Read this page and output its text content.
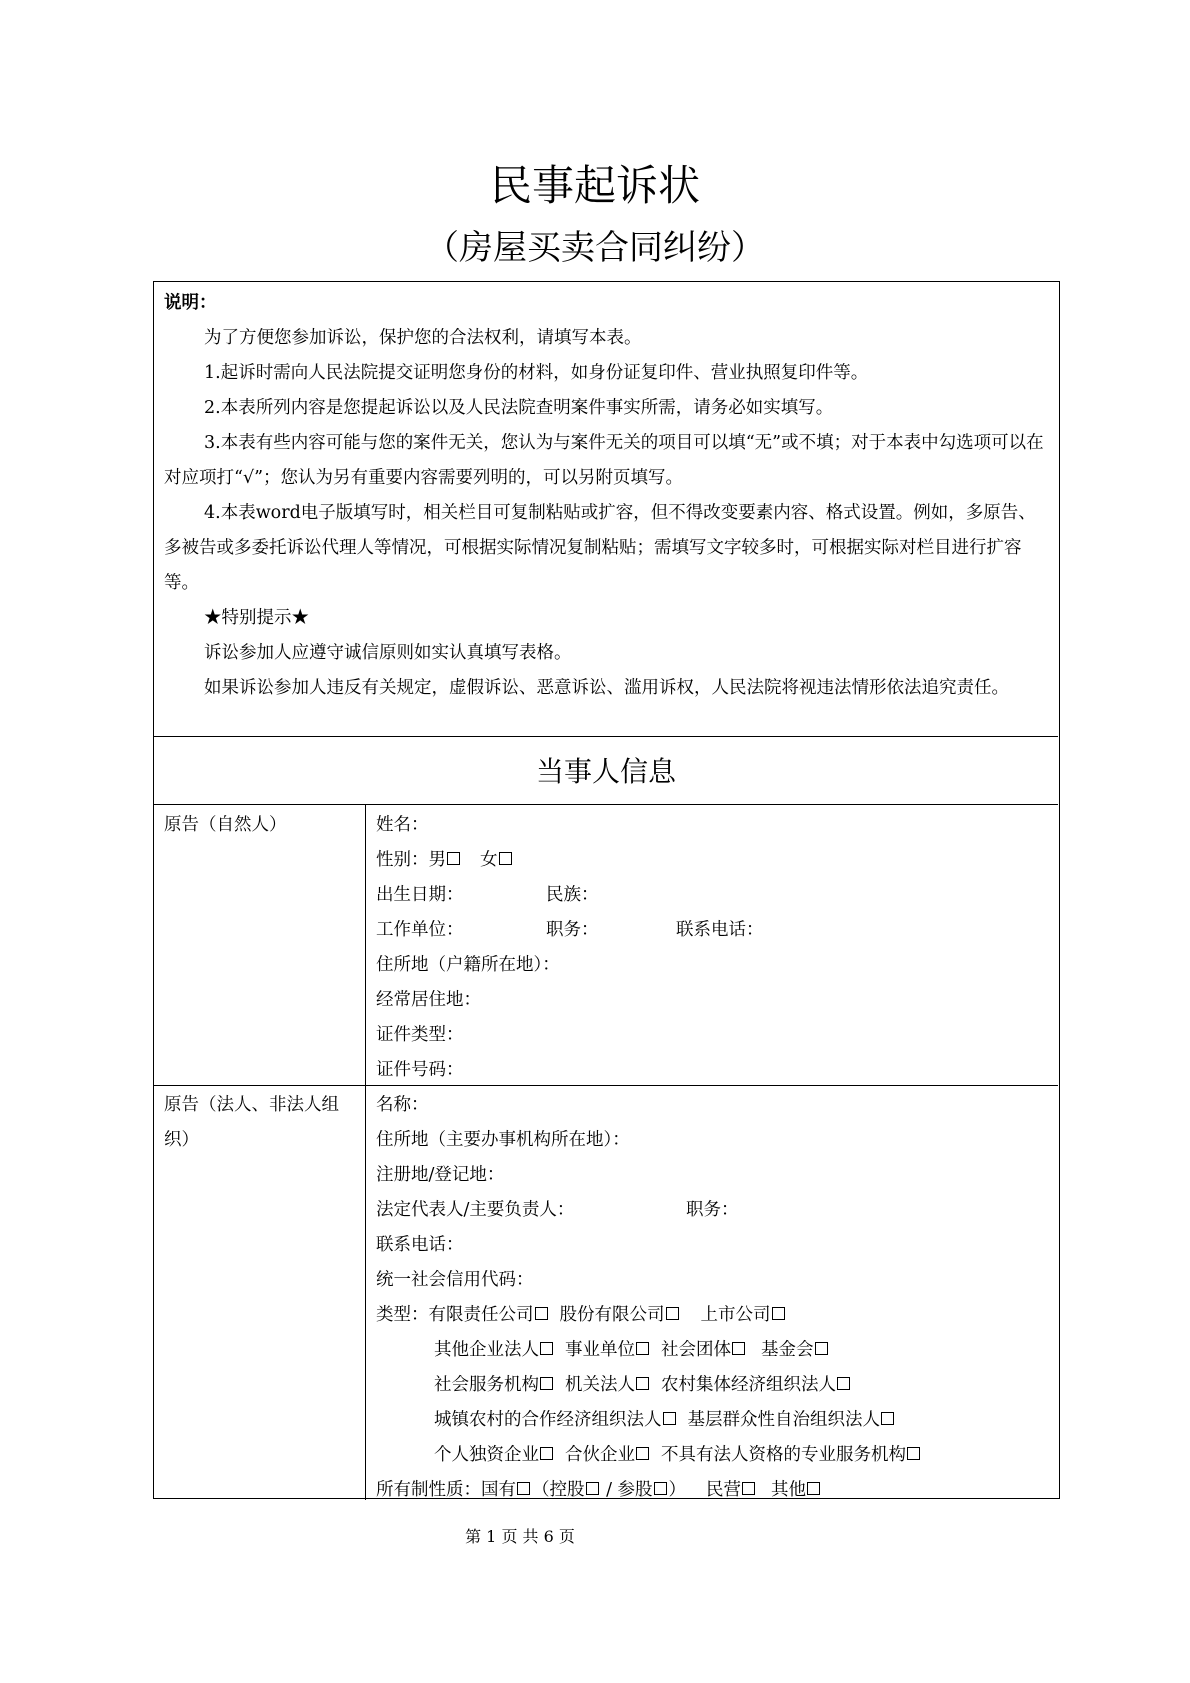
民事起诉状
（房屋买卖合同纠纷）

说明：

为了方便您参加诉讼，保护您的合法权利，请填写本表。

1.起诉时需向人民法院提交证明您身份的材料，如身份证复印件、营业执照复印件等。

2.本表所列内容是您提起诉讼以及人民法院查明案件事实所需，请务必如实填写。

3.本表有些内容可能与您的案件无关，您认为与案件无关的项目可以填“无”或不填；对于本表中勾选项可以在对应项打“√”；您认为另有重要内容需要列明的，可以另附页填写。

4.本表word电子版填写时，相关栏目可复制粘贴或扩容，但不得改变要素内容、格式设置。例如，多原告、多被告或多委托诉讼代理人等情况，可根据实际情况复制粘贴；需填写文字较多时，可根据实际对栏目进行扩容等。

★特别提示★

诉讼参加人应遵守诚信原则如实认真填写表格。

如果诉讼参加人违反有关规定，虚假诉讼、恶意诉讼、滥用诉权，人民法院将视违法情形依法追究责任。

当事人信息
原告（自然人）	姓名：
性别：男 女
出生日期：	民族：
工作单位：	职务：	联系电话：
住所地（户籍所在地）：
经常居住地：
证件类型：
证件号码：
原告（法人、非法人组织）
名称：
住所地（主要办事机构所在地）：
注册地/登记地：
法定代表人/主要负责人：	职务：
联系电话：
统一社会信用代码：
类型：有限责任公司 股份有限公司 上市公司
其他企业法人 事业单位 社会团体 基金会
社会服务机构 机关法人 农村集体经济组织法人
城镇农村的合作经济组织法人 基层群众性自治组织法人
个人独资企业 合伙企业 不具有法人资格的专业服务机构
所有制性质：国有 （控股 / 参股 ） 民营 其他
第 1 页 共 6 页
